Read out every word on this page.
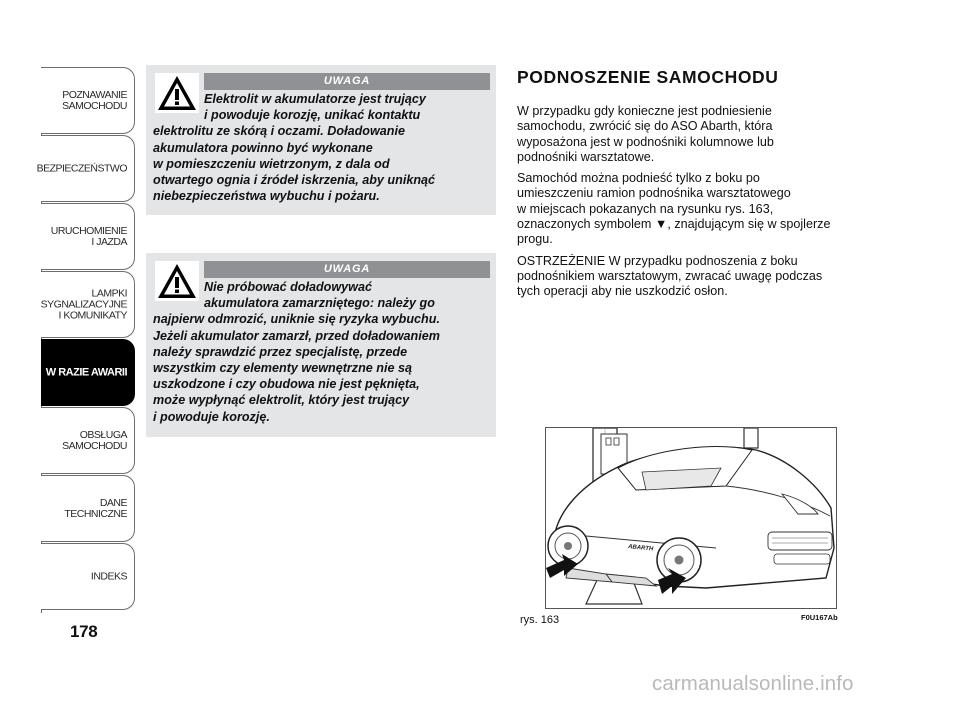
POZNAWANIE
SAMOCHODU
BEZPIECZEŃSTWO
URUCHOMIENIE
I JAZDA
LAMPKI
SYGNALIZACYJNE
I KOMUNIKATY
W RAZIE AWARII
OBSŁUGA
SAMOCHODU
DANE
TECHNICZNE
INDEKS
178
UWAGA
Elektrolit w akumulatorze jest trujący
i powoduje korozję, unikać kontaktu
elektrolitu ze skórą i oczami. Doładowanie
akumulatora powinno być wykonane
w pomieszczeniu wietrzonym, z dala od
otwartego ognia i źródeł iskrzenia, aby uniknąć
niebezpieczeństwa wybuchu i pożaru.
UWAGA
Nie próbować doładowywać
akumulatora zamarzniętego: należy go
najpierw odmrozić, uniknie się ryzyka wybuchu.
Jeżeli akumulator zamarzł, przed doładowaniem
należy sprawdzić przez specjalistę, przede
wszystkim czy elementy wewnętrzne nie są
uszkodzone i czy obudowa nie jest pęknięta,
może wypłynąć elektrolit, który jest trujący
i powoduje korozję.
PODNOSZENIE SAMOCHODU

W przypadku gdy konieczne jest podniesienie
samochodu, zwrócić się do ASO Abarth, która
wyposażona jest w podnośniki kolumnowe lub
podnośniki warsztatowe.

Samochód można podnieść tylko z boku po
umieszczeniu ramion podnośnika warsztatowego
w miejscach pokazanych na rysunku rys. 163,
oznaczonych symbolem ▼, znajdującym się w spojlerze
progu.

OSTRZEŻENIE W przypadku podnoszenia z boku
podnośnikiem warsztatowym, zwracać uwagę podczas
tych operacji aby nie uszkodzić osłon.

ABARTH
rys. 163	F0U167Ab
carmanualsonline.info
